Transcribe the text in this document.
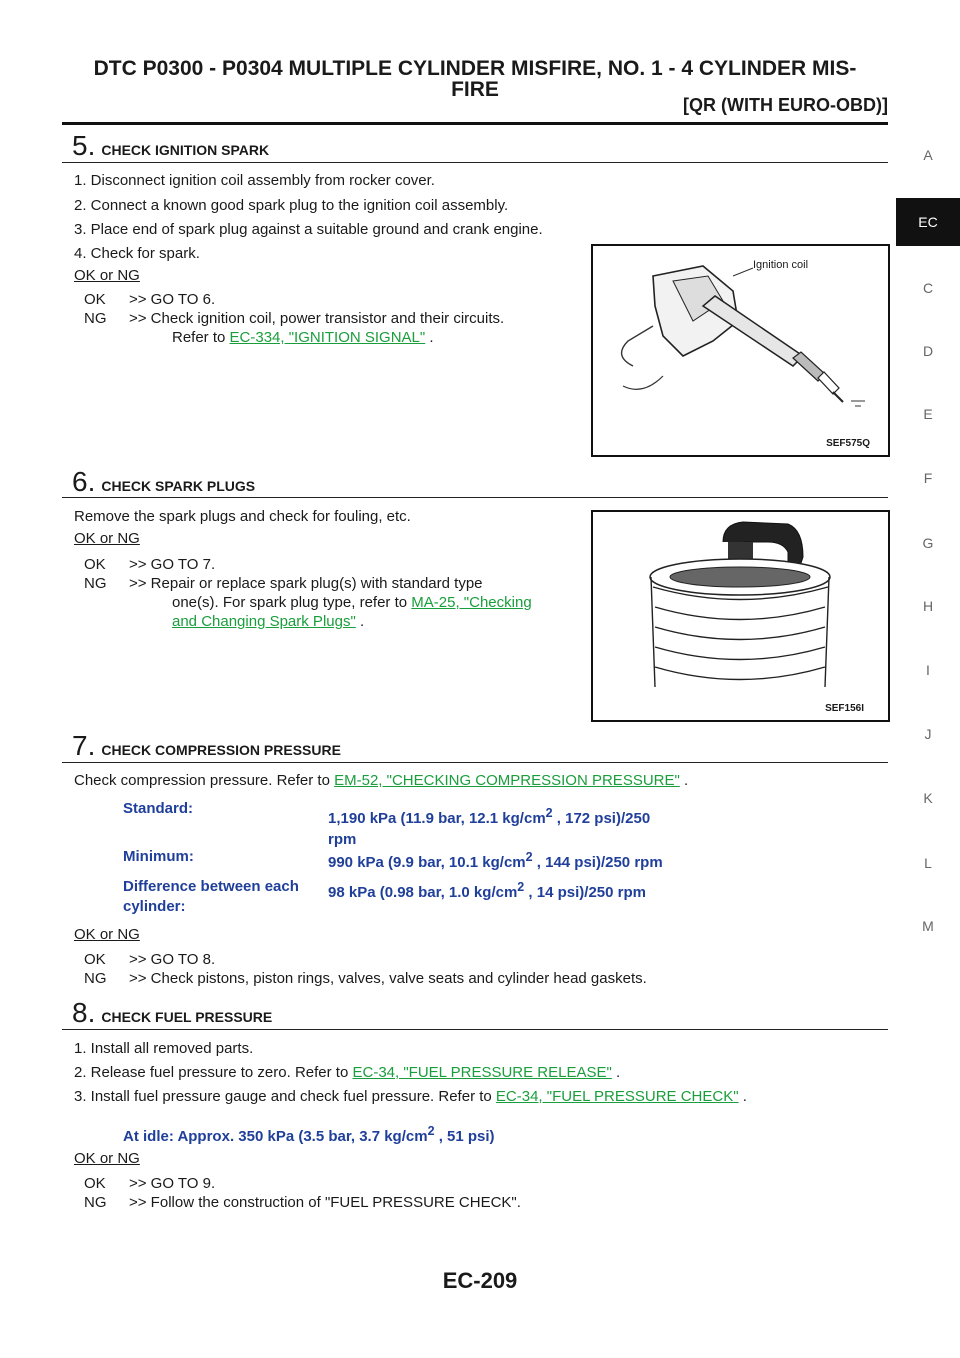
DTC P0300 - P0304 MULTIPLE CYLINDER MISFIRE, NO. 1 - 4 CYLINDER MIS-
FIRE
[QR (WITH EURO-OBD)]
A
EC
C
D
E
F
G
H
I
J
K
L
M
5. CHECK IGNITION SPARK
1. Disconnect ignition coil assembly from rocker cover.
2. Connect a known good spark plug to the ignition coil assembly.
3. Place end of spark plug against a suitable ground and crank engine.
4. Check for spark.
OK or NG
OK >> GO TO 6.
NG >> Check ignition coil, power transistor and their circuits.
Refer to EC-334, "IGNITION SIGNAL" .
Ignition coil
SEF575Q
6. CHECK SPARK PLUGS
Remove the spark plugs and check for fouling, etc.
OK or NG
OK >> GO TO 7.
NG >> Repair or replace spark plug(s) with standard type
one(s). For spark plug type, refer to MA-25, "Checking
and Changing Spark Plugs" .
SEF156I
7. CHECK COMPRESSION PRESSURE
Check compression pressure. Refer to EM-52, "CHECKING COMPRESSION PRESSURE" .
Standard:
1,190 kPa (11.9 bar, 12.1 $kg/cm^2$ , 172 psi)/250
rpm
Minimum:	990 kPa (9.9 bar, 10.1 $kg/cm^2$ , 144 psi)/250 rpm
Difference between each
cylinder:
98 kPa (0.98 bar, 1.0 $kg/cm^2$ , 14 psi)/250 rpm
OK or NG
OK >> GO TO 8.
NG >> Check pistons, piston rings, valves, valve seats and cylinder head gaskets.
8. CHECK FUEL PRESSURE
1. Install all removed parts.
2. Release fuel pressure to zero. Refer to EC-34, "FUEL PRESSURE RELEASE" .
3. Install fuel pressure gauge and check fuel pressure. Refer to EC-34, "FUEL PRESSURE CHECK" .
At idle: Approx. 350 kPa (3.5 bar, 3.7 $kg/cm^2$ , 51 psi)
OK or NG
OK >> GO TO 9.
NG >> Follow the construction of "FUEL PRESSURE CHECK".
EC-209
